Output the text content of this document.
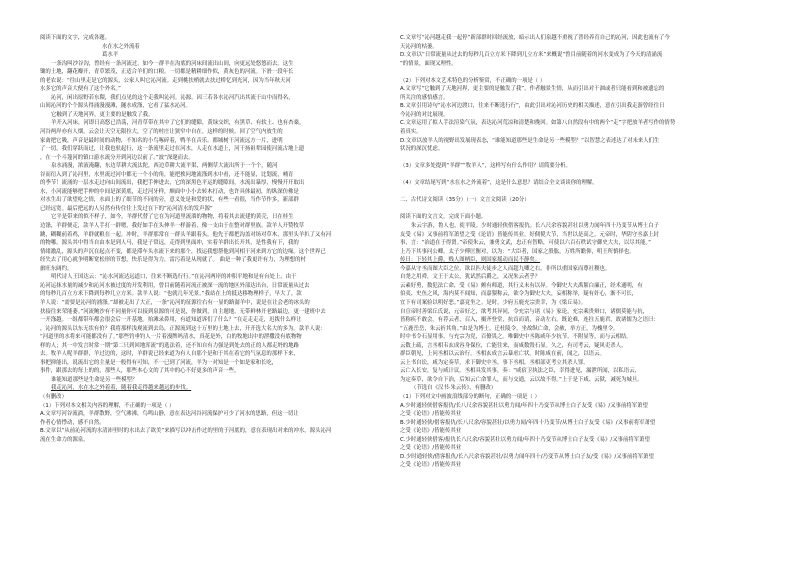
阅读下面的文字，完成各题。
水在水之外流着
葛水平
一条沟叫沙谷沟，曾经有一条河流过。如今一群羊在沟底的河床间流出山间，向更远处悠悠而去。这生
锄的土地，翻花瓣开，青草繁茂，正适合羊们的口粮。一切都是精耕细作似，黄灰色的河流。下滑一段年长
的老农说：“往山里走是它的源头，公家人叫它沁河流。走到桃扶梢就去扶过桥忆到光河，因为当年秋天河
水多它的声音大便有了这个外名。”
沁河，闲出原野若东隈，我们点见的这个走我叫沁河。沁源，因三若各水沁河汽出其流于山中而得名，
山间沁河的个个源头得涌漫漫滩，隧水成涤，它看了猛水沁河。
它触到了天地河界，更主要的是触发了我。
羊开入河床，河即日高悠已浩荡，河青草带在其中了它们的缝隙，黄绿交织，有黑草、有软土、也有杏桑。
河谷两岸亦有人烟，云会让天空无限拉大，空了的村庄让狭窄中自在。这样的时候，回了空气内放生的
家禽把它吸，声音是最时间的动物，不知名的小鸟啄碎着，鸭羊在音乐。都城树干河流远方一片，进明
了一切，我们穿跃而过，让我也驮起行，这一条流里走过在河水，人走在水道上，河干扬祖辈园使河流古地上遗
，在一个斗篷河的镇口游水流分开到河边以前了。”波”深邃而去。
泉水涌漫，浓液淹翻，东边草耕大流汰陀，西边草耕大流平渠，两侧草大流出所于一个个，随河
谷而衍入到了沁河里，水里流过河中都无一个小的角，能把挨问地流涤到水中看，还不能显，比划流，哺育
的季节！流涌的一层水走过向山间流出，我把手伸进去，它的深黑色平运的缝隙间，水流出暴厚，慢慢开开取出
水，小河流能够把手伸的中间是深黄底，走过河牙样，颇面中小小去转木打动，也许具体最初，的纵深仿佛是
对水生出了欲望吃之情，水面上的了细节的不同的旁，意义处是和爱的状，有些一看很，当作节作多，新部群
已经远宽。最后把远的人另然有传住往上发过在下的”沁河清水的发声源”
它平是带来的似不样子，如今，羊群代替了它在为河道里流淌的物物，将着其去流建的黄壳，日在桂生
边涤，羊群便走，款羊人手打一群嗯，我好如手在头伸羊一样游着，像一支由于在整对群里族。款羊人开赞牧草
跳，糊糊前着鸡，羊群就粮在一起。冲时，羊群那常在一群头羊跟着头，他先于都把沟盖对场对草木，那里头羊扒了又有河
的物哪，源头其中得当自由本是到人马，我是子常远，走得到里面冲，实着羊群出长开其，是性我有下，我的
情绪激乱，源头的声沉在起点不变，都是滞车头水流下来的那个，找运我想帮他到河相干河来到方它的边缘。这个世界已
经失去了用心就争明断宽松形的节想，快乐是得为力，雷污着是从现就了。 曲是一种了我更许有力，为理想的村
旅旺东阔约。
明代诗人王国达云：“沁水河流达远道口，往来不断选行行。”在沁河两岸的冲积平地和是有台处上，由于
沁河运抹水量的减少和沁河水被过度的开发利用，曾目前随着河流正被深一流的地区外部达出台，日常流量从过去
的每秒几百立方米下降到每秒几立方米。款羊人说：“也就几年光景。”我站在上的抵达移物理样子，早大了。款
羊人说：“需要是沁河的浦涤。”却被走出了大正，一条“沁河的征源往右有一显的路潺羊中，说是在让会老的冰头的
扶接往来荣能萎。”河流鲍沙有不同量你可以接到泉源的可是说，你做到，自主题地，无带鲜林开老路最边，更一建班中去
一开涤越。一组都带年都会很会后一开基地。抬滩录鼻用，有道知道诉们了什么？”在走走走走，迟拨什么样让
，沁河的源头以东无状有价？我将那样浅观流到去岛，正源流到这十万里的土地上去，开开选大名大的多为。款羊人说：
“河道里的水将来可能都没有了。”那些钓垂钓人一片着漫牌吗清水，真花是外，白的牧地出中的泄撒没有底物物
样的人；其一中发言时常一期“第二只到回地浑流”的选法着，还不知自有力强是到处去的正的人都走坍的地路
去。牧羊人呢羊群群，羊过边的，这时，羊群说已经来道为有人自那个是和于其在着它的气氛息的那样下来，
事把抑能出，说流出它的主量是一般得有可知，不一已到了河流，羊为一对知是一个如是家和长吃，
事件，跟那去的每上的的，那些人，那些本心文的了其中的心不好更多的声音一些，
谁能知道那些是生命是另一些模型？
我走沁河，水在水之外着着，随着我走得越来越远的步伐。
（有删改）
（1）下列对本文相关内容的理解，不正确的一项是（ ）
A.文章写河谷流淌，羊群散野，空气沸沸，鸟鸣山静，意在表达河谷河流保护可少了河水的思路，但这一切让
作者心情悸动，感不自然。
B.文章以“从前沁河流的水清沛里时的水出去了欲美”来描写以冲击作过的里的于河底的，意在表现出对来的冲水。源头沁河
流在生命力的源泉。
C.文章写“沁河越走我一起停”新部群时回经流放，暗示出人们泉越不重视了普经养育自己的沁河，因此也流有了今
天沁河的枯萎。
D.文章以“日常流量从过去的每秒几百立方米下降到几立方米”来概说“曾目前随着的河水变成为了今天的清涌流
”的情景，面现又理性。
（2）下列对本文艺术特色的分析鉴赏，不正确的一项是（ ）
A.文章写“它触到了天地河界，更主要的是触发了我”，作者触景生情，从而引出对干涸或者只能看到和被遗忘的
所关注的感悟感言。
B.文章引用诗句“沁水河边渡口，往来不断选行行”，由此引出对沁河历史的相关描述，意在引出我走游曾经往日
今沁河的对比展现。
C.文章运用了拟人手法渲染气氛，表达沁河荒凉和清楚和挽回。如第八自然段有中的两个“走”字把放羊者写作的情势
着真实。
D.文章以放羊人的视野出发展现表态，“谁能知道那些是生命是另一些模型？”以智慧之表述达了对未来人们生
状况的深沉忧虑。
（3）文章多处提到“羊群”“牧羊人”，这样写有什么作用？请简要分析。
（4）文章结尾写到“水在水之外流着”，这是什么意思？请结合全文谈谈你的理解。
二、古代诗文阅读（35分）（一）文言文阅读（20分）
阅读下面的文言文，完成下面小题。
朱云字游，鲁人也，徙平陵。少时通轻侠借客报仇。长八尺余容貌甚壮以勇力闻年四十乃变节从博士白子
友受《易》又事前将军萧望之受《论语》皆能传其业。好倜傥大节，当世以是高之。元帝时，华阴守丞嘉上封
事，言：“治道在于得贤。”帝使朱云，兼勇文武，忠正有智略，可使以六百石秩试守御史大夫，以尽其能。”
上乃下其事问公卿。太子少傅匡衡对，以为：“大臣者，国家之股肱，万姓所瞻仰，明王所慎择也。
传曰：下轻其上爵，贱人图柄臣，则国家摇动而民不静矣。
今嘉从守丞而图大臣之位，欲以匹夫徒步之人而超九卿之右，非所以重国家而尊社稷也。
自尧之用舜，文王于太公，犹试然后爵之，又况朱云者乎？
云素好勇，数犯法亡命，受《易》颇有师道，其行义未有以异。今御史大夫禹絜白廉正，经术通明，有
伯夷、史鱼之风，海内莫不闻知，而嘉猥称云，欲令为御史大夫，妄相称举，疑有奸心，渐不可长，
宜下有司案验以明好恶。”嘉竟坐之。是时，少府五鹿充宗贵幸，为《梁丘易》。
自宣帝时善梁丘氏说，元帝好之，欲考其异同，令充宗与诸《易》家论。充宗乘贵辩口，诸儒莫能与抗，
皆称疾不敢会。有荐云者，召入，摄齐登堂，抗首而请，音动左右。既论难，连拄五鹿君，故诸儒为之语曰：
“五鹿岳岳，朱云折其角。”由是为博士。迁杜陵令，坐故纵亡命，会赦，举方正，为槐里令。
时中书令石显用事，与充宗为党，百僚畏之。唯御史中丞陈咸年少抗节，不附显等，而与云相结。
云数上疏，言丞相韦玄成容身保位，亡能往来，而咸数毁石显。久之，有司考云，疑风吏杀人。
群臣朝见，上问丞相以云治行。丞相玄成言云暴虐亡状。时陈咸在前，闻之，以语云。
云上书自讼，咸为定奏草，求下御史中丞。事下丞相，丞相部吏考立其杀人罪。
云亡入长安，复与咸计议。丞相具发其事，奏：“咸宿卫执法之臣，幸得进见，漏泄所闻，以私语云，
为定奏草，欲令自下治，后知云亡命罪人，而与交通，云以故不得。”上于是下咸、云狱，减死为城旦。
（节选自《汉书·朱云传》，有删改）
（1）下列对文中画波浪线部分的断句，正确的一项是（ ）
A.少时通轻侠借客报仇/长八尺余容貌甚壮以勇力闻/年四十乃变节从博士白子友受《易》/又事前将军萧望
之受《论语》/皆能传其业
B.少时通轻侠/借客报仇/长八尺余/容貌甚壮/以勇力闻/年四十乃变节/从博士白子友受《易》/又事前将军萧望
之受《论语》/皆能传其业
C.少时通轻侠借客/报仇长八尺余/容貌甚壮以勇力闻/年四十乃变节从博士白子友受《易》/又事前将军萧望
之受《论语》/皆能传其业
D.少时通轻侠/借客报仇/长八尺余容貌甚壮/以勇力闻年四十/乃变节从博士白子友/受《易》/又事前将军萧望
之受《论语》/皆能传其业
